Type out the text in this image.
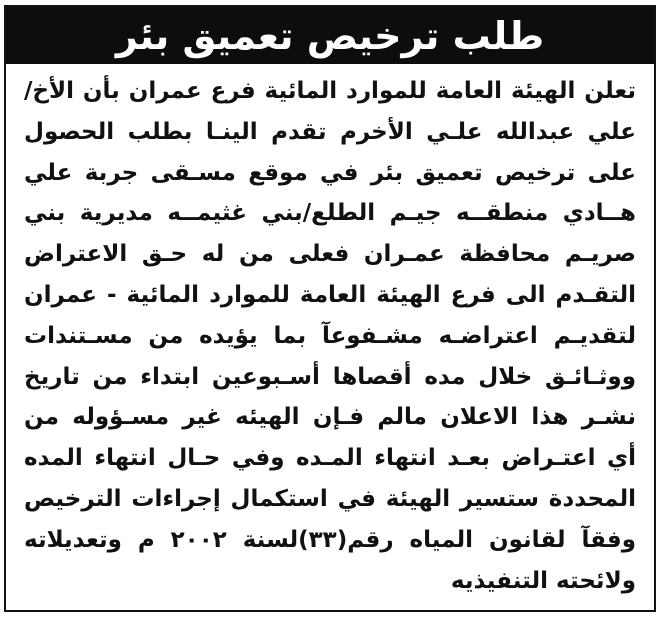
طلب ترخيص تعميق بئر
تعلن الهيئة العامة للموارد المائية فرع عمران بأن الأخ/
علي عبدالله علـي الأخرم تقدم الينـا بطلب الحصول
على ترخيص تعميق بئر في موقع مسـقى جربة علي
هــادي منطقــه جيـم الطلع/بني غثيمــه مديرية بني
صريـم محافظة عمـران فعلى من له حـق الاعتراض
التقـدم الى فرع الهيئة العامة للموارد المائية - عمران
لتقديـم اعتراضـه مشـفوعآ بما يؤيده من مسـتندات
ووثـائـق خلال مده أقصاها أسـبوعين ابتداء من تاريخ
نشـر هذا الاعلان مالم فـإن الهيئه غير مسـؤوله من
أي اعتـراض بعـد انتهاء المـده وفي حـال انتهاء المده
المحددة ستسير الهيئة في استكمال إجراءات الترخيص
وفقآ لقانون المياه رقم(٣٣)لسنة ٢٠٠٢ م وتعديلاته
ولائحته التنفيذيه
